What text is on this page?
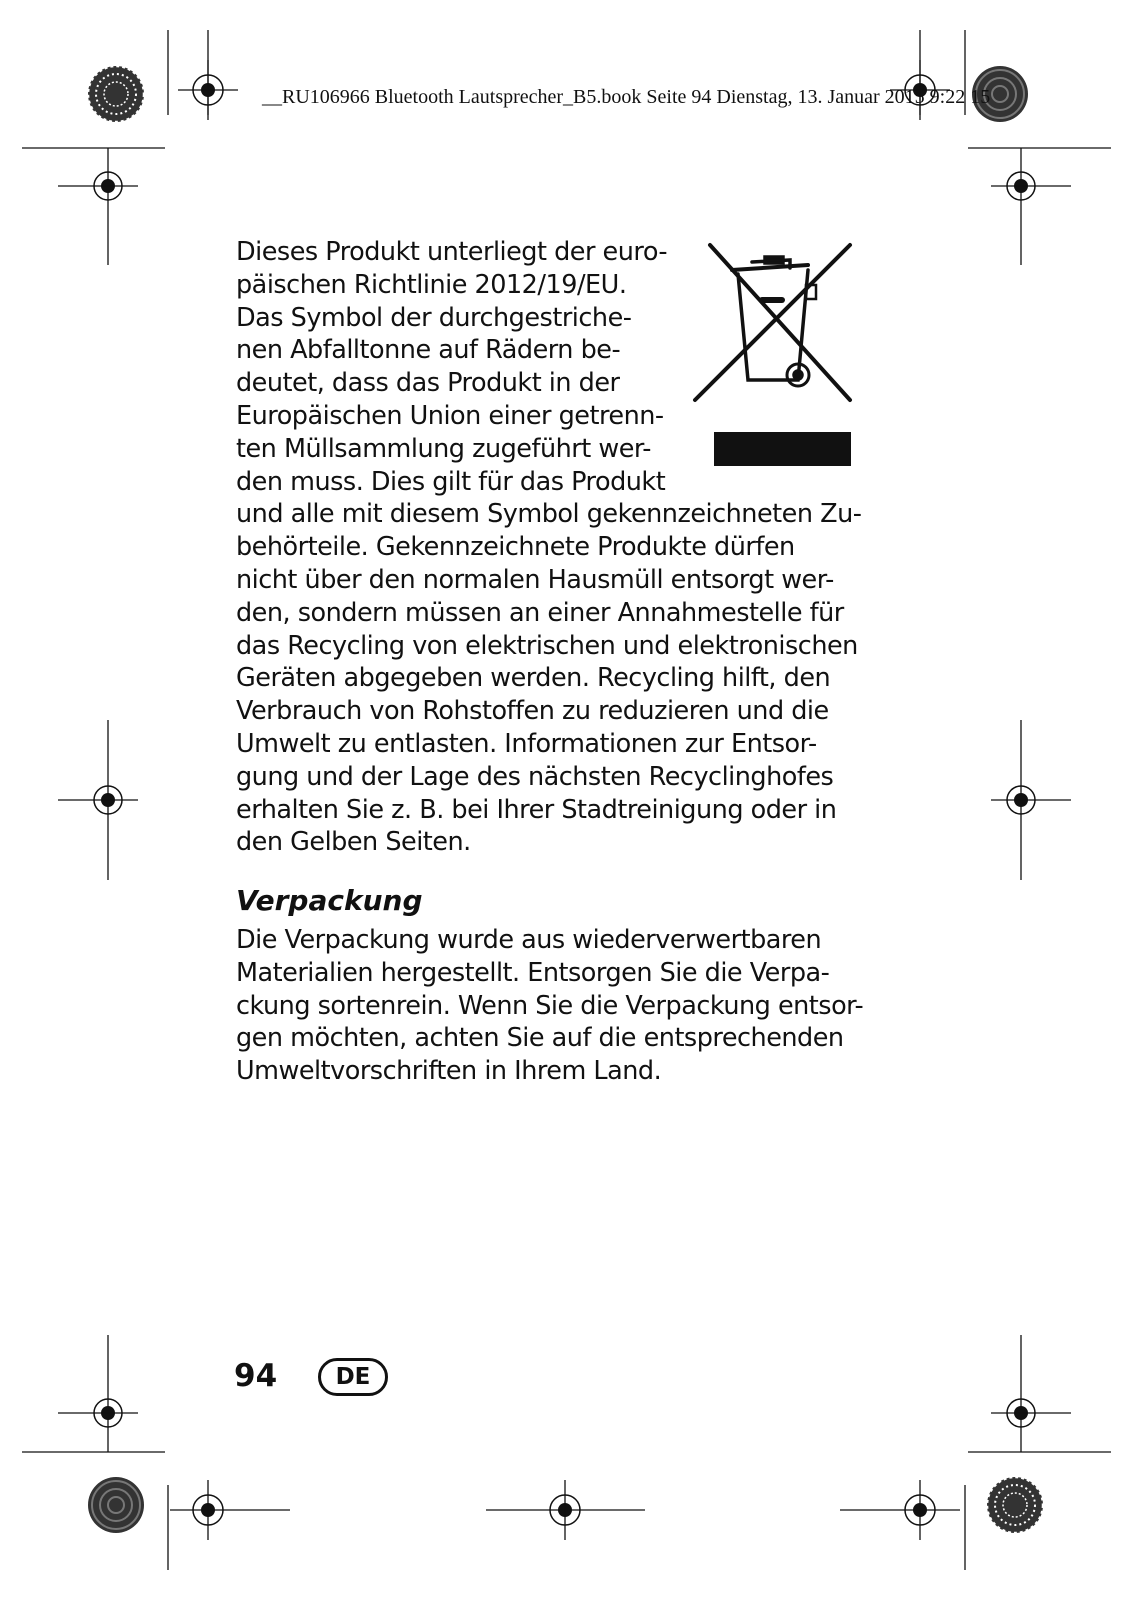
__RU106966 Bluetooth Lautsprecher_B5.book Seite 94 Dienstag, 13. Januar 2015 9:22 15
Dieses Produkt unterliegt der euro-
päischen Richtlinie 2012/19/EU.
Das Symbol der durchgestriche-
nen Abfalltonne auf Rädern be-
deutet, dass das Produkt in der
Europäischen Union einer getrenn-
ten Müllsammlung zugeführt wer-
den muss. Dies gilt für das Produkt
und alle mit diesem Symbol gekennzeichneten Zu-
behörteile. Gekennzeichnete Produkte dürfen
nicht über den normalen Hausmüll entsorgt wer-
den, sondern müssen an einer Annahmestelle für
das Recycling von elektrischen und elektronischen
Geräten abgegeben werden. Recycling hilft, den
Verbrauch von Rohstoffen zu reduzieren und die
Umwelt zu entlasten. Informationen zur Entsor-
gung und der Lage des nächsten Recyclinghofes
erhalten Sie z. B. bei Ihrer Stadtreinigung oder in
den Gelben Seiten.
Verpackung
Die Verpackung wurde aus wiederverwertbaren
Materialien hergestellt. Entsorgen Sie die Verpa-
ckung sortenrein. Wenn Sie die Verpackung entsor-
gen möchten, achten Sie auf die entsprechenden
Umweltvorschriften in Ihrem Land.
94	DE
